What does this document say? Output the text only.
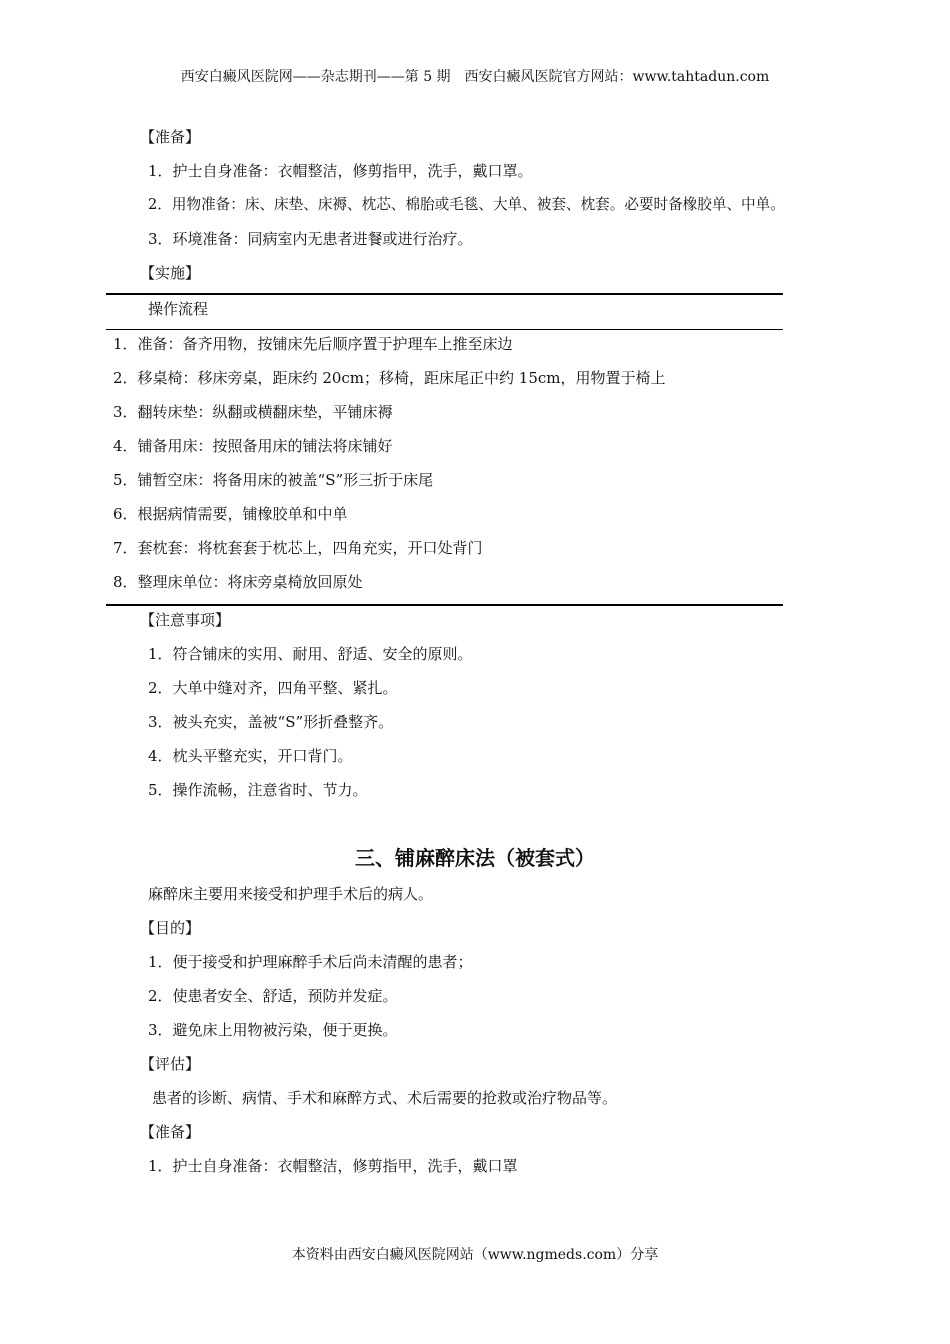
西安白癜风医院网——杂志期刊——第 5 期　西安白癜风医院官方网站：www.tahtadun.com
【准备】
1．护士自身准备：衣帽整洁，修剪指甲，洗手，戴口罩。
2．用物准备：床、床垫、床褥、枕芯、棉胎或毛毯、大单、被套、枕套。必要时备橡胶单、中单。
3．环境准备：同病室内无患者进餐或进行治疗。
【实施】
操作流程
1．准备：备齐用物，按铺床先后顺序置于护理车上推至床边
2．移桌椅：移床旁桌，距床约 20cm；移椅，距床尾正中约 15cm，用物置于椅上
3．翻转床垫：纵翻或横翻床垫，平铺床褥
4．铺备用床：按照备用床的铺法将床铺好
5．铺暂空床：将备用床的被盖“S”形三折于床尾
6．根据病情需要，铺橡胶单和中单
7．套枕套：将枕套套于枕芯上，四角充实，开口处背门
8．整理床单位：将床旁桌椅放回原处
【注意事项】
1．符合铺床的实用、耐用、舒适、安全的原则。
2．大单中缝对齐，四角平整、紧扎。
3．被头充实，盖被“S”形折叠整齐。
4．枕头平整充实，开口背门。
5．操作流畅，注意省时、节力。
三、铺麻醉床法（被套式）
麻醉床主要用来接受和护理手术后的病人。
【目的】
1．便于接受和护理麻醉手术后尚未清醒的患者；
2．使患者安全、舒适，预防并发症。
3．避免床上用物被污染，便于更换。
【评估】
患者的诊断、病情、手术和麻醉方式、术后需要的抢救或治疗物品等。
【准备】
1．护士自身准备：衣帽整洁，修剪指甲，洗手，戴口罩
本资料由西安白癜风医院网站（www.ngmeds.com）分享
